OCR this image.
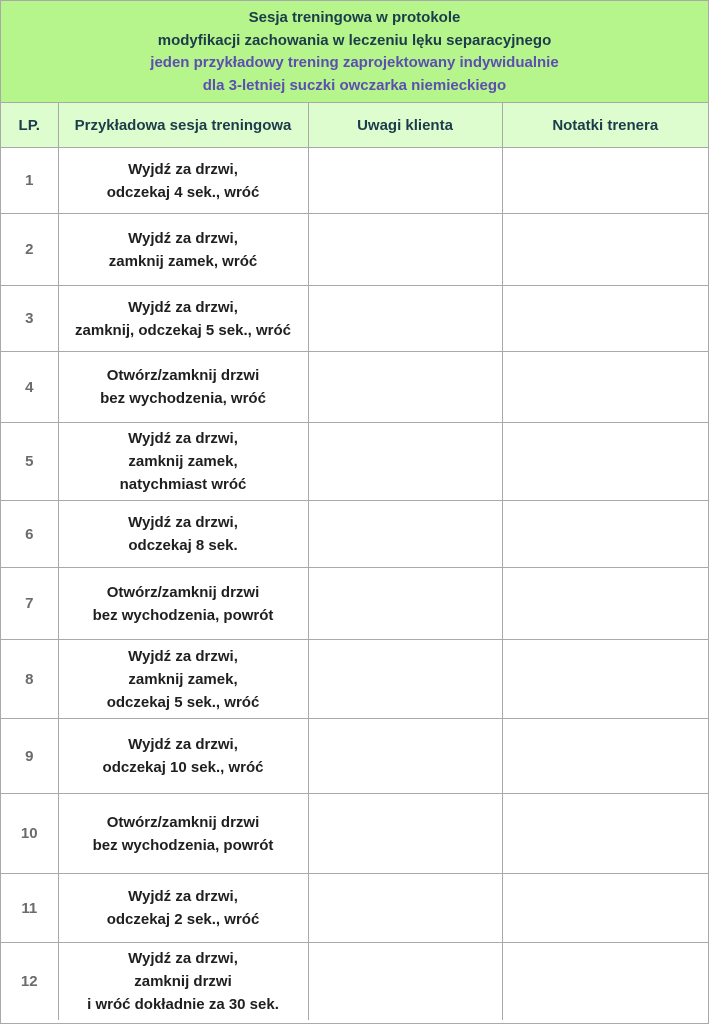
Sesja treningowa w protokole
modyfikacji zachowania w leczeniu lęku separacyjnego
jeden przykładowy trening zaprojektowany indywidualnie
dla 3-letniej suczki owczarka niemieckiego
LP.	Przykładowa sesja treningowa	Uwagi klienta	Notatki trenera
1	Wyjdź za drzwi,
odczekaj 4 sek., wróć		

2	Wyjdź za drzwi,
zamknij zamek, wróć		

3	Wyjdź za drzwi,
zamknij, odczekaj 5 sek., wróć		

4	Otwórz/zamknij drzwi
bez wychodzenia, wróć		

5	Wyjdź za drzwi,
zamknij zamek,
natychmiast wróć		

6	Wyjdź za drzwi,
odczekaj 8 sek.		

7	Otwórz/zamknij drzwi
bez wychodzenia, powrót		

8	Wyjdź za drzwi,
zamknij zamek,
odczekaj 5 sek., wróć		

9	Wyjdź za drzwi,
odczekaj 10 sek., wróć		

10	Otwórz/zamknij drzwi
bez wychodzenia, powrót		

11	Wyjdź za drzwi,
odczekaj 2 sek., wróć		

12	Wyjdź za drzwi,
zamknij drzwi
i wróć dokładnie za 30 sek.		
